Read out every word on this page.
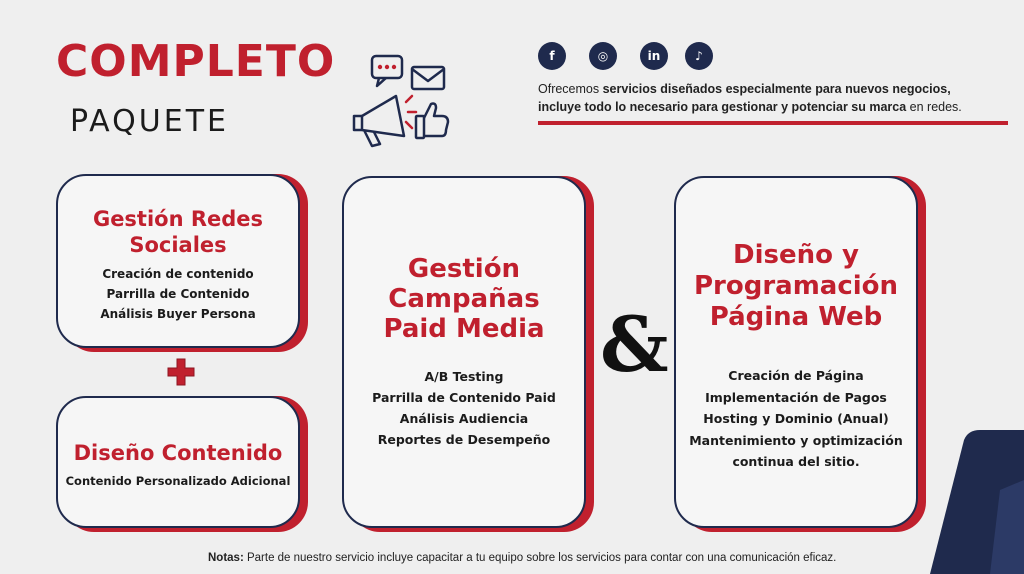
COMPLETO
PAQUETE
f	◎	in	♪
Ofrecemos servicios diseñados especialmente para nuevos negocios,
incluye todo lo necesario para gestionar y potenciar su marca en redes.
Gestión Redes Sociales
Creación de contenido
Parrilla de Contenido
Análisis Buyer Persona
Diseño Contenido
Contenido Personalizado Adicional
Gestión
Campañas
Paid Media
A/B Testing
Parrilla de Contenido Paid
Análisis Audiencia
Reportes de Desempeño
&
Diseño y
Programación
Página Web
Creación de Página
Implementación de Pagos
Hosting y Dominio (Anual)
Mantenimiento y optimización
continua del sitio.
Notas: Parte de nuestro servicio incluye capacitar a tu equipo sobre los servicios para contar con una comunicación eficaz.
